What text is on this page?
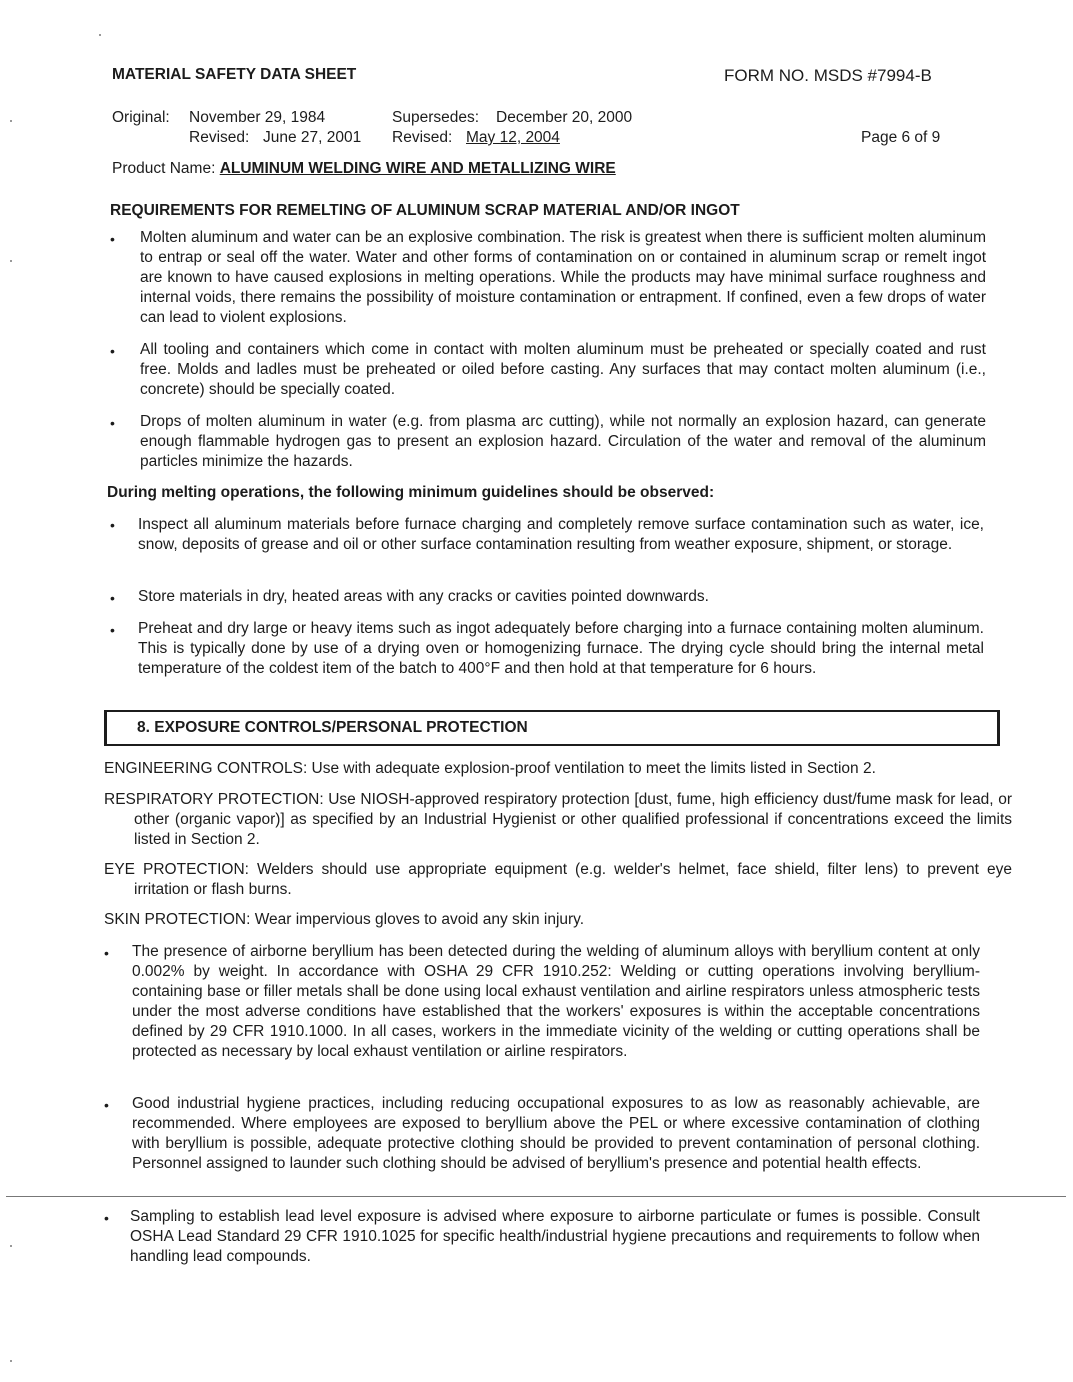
MATERIAL SAFETY DATA SHEET	FORM NO. MSDS #7994-B
Original: November 29, 1984
Revised: June 27, 2001
Supersedes: December 20, 2000
Revised: May 12, 2004	Page 6 of 9
Product Name: ALUMINUM WELDING WIRE AND METALLIZING WIRE
REQUIREMENTS FOR REMELTING OF ALUMINUM SCRAP MATERIAL AND/OR INGOT
• Molten aluminum and water can be an explosive combination. The risk is greatest when there is sufficient molten aluminum to entrap or seal off the water. Water and other forms of contamination on or contained in aluminum scrap or remelt ingot are known to have caused explosions in melting operations. While the products may have minimal surface roughness and internal voids, there remains the possibility of moisture contamination or entrapment. If confined, even a few drops of water can lead to violent explosions.
• All tooling and containers which come in contact with molten aluminum must be preheated or specially coated and rust free. Molds and ladles must be preheated or oiled before casting. Any surfaces that may contact molten aluminum (i.e., concrete) should be specially coated.
• Drops of molten aluminum in water (e.g. from plasma arc cutting), while not normally an explosion hazard, can generate enough flammable hydrogen gas to present an explosion hazard. Circulation of the water and removal of the aluminum particles minimize the hazards.
During melting operations, the following minimum guidelines should be observed:
• Inspect all aluminum materials before furnace charging and completely remove surface contamination such as water, ice, snow, deposits of grease and oil or other surface contamination resulting from weather exposure, shipment, or storage.
• Store materials in dry, heated areas with any cracks or cavities pointed downwards.
• Preheat and dry large or heavy items such as ingot adequately before charging into a furnace containing molten aluminum. This is typically done by use of a drying oven or homogenizing furnace. The drying cycle should bring the internal metal temperature of the coldest item of the batch to 400°F and then hold at that temperature for 6 hours.
8. EXPOSURE CONTROLS/PERSONAL PROTECTION
ENGINEERING CONTROLS: Use with adequate explosion-proof ventilation to meet the limits listed in Section 2.
RESPIRATORY PROTECTION: Use NIOSH-approved respiratory protection [dust, fume, high efficiency dust/fume mask for lead, or other (organic vapor)] as specified by an Industrial Hygienist or other qualified professional if concentrations exceed the limits listed in Section 2.
EYE PROTECTION: Welders should use appropriate equipment (e.g. welder's helmet, face shield, filter lens) to prevent eye irritation or flash burns.
SKIN PROTECTION: Wear impervious gloves to avoid any skin injury.
• The presence of airborne beryllium has been detected during the welding of aluminum alloys with beryllium content at only 0.002% by weight. In accordance with OSHA 29 CFR 1910.252: Welding or cutting operations involving beryllium-containing base or filler metals shall be done using local exhaust ventilation and airline respirators unless atmospheric tests under the most adverse conditions have established that the workers' exposures is within the acceptable concentrations defined by 29 CFR 1910.1000. In all cases, workers in the immediate vicinity of the welding or cutting operations shall be protected as necessary by local exhaust ventilation or airline respirators.
• Good industrial hygiene practices, including reducing occupational exposures to as low as reasonably achievable, are recommended. Where employees are exposed to beryllium above the PEL or where excessive contamination of clothing with beryllium is possible, adequate protective clothing should be provided to prevent contamination of personal clothing. Personnel assigned to launder such clothing should be advised of beryllium's presence and potential health effects.
• Sampling to establish lead level exposure is advised where exposure to airborne particulate or fumes is possible. Consult OSHA Lead Standard 29 CFR 1910.1025 for specific health/industrial hygiene precautions and requirements to follow when handling lead compounds.
